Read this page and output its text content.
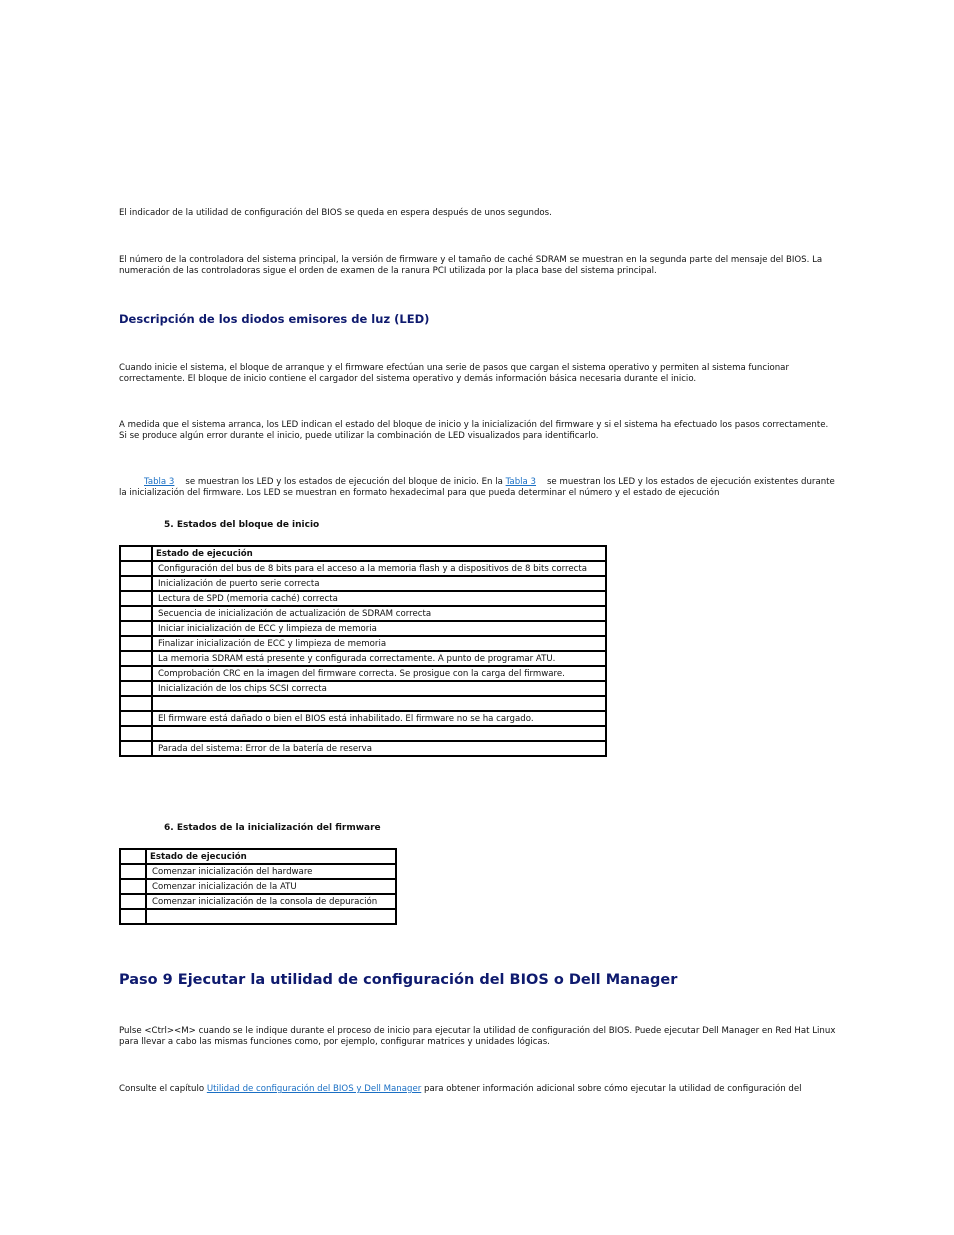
El indicador de la utilidad de configuración del BIOS se queda en espera después de unos segundos.

El número de la controladora del sistema principal, la versión de firmware y el tamaño de caché SDRAM se muestran en la segunda parte del mensaje del BIOS. La numeración de las controladoras sigue el orden de examen de la ranura PCI utilizada por la placa base del sistema principal.

Descripción de los diodos emisores de luz (LED)

Cuando inicie el sistema, el bloque de arranque y el firmware efectúan una serie de pasos que cargan el sistema operativo y permiten al sistema funcionar correctamente. El bloque de inicio contiene el cargador del sistema operativo y demás información básica necesaria durante el inicio.

A medida que el sistema arranca, los LED indican el estado del bloque de inicio y la inicialización del firmware y si el sistema ha efectuado los pasos correctamente. Si se produce algún error durante el inicio, puede utilizar la combinación de LED visualizados para identificarlo.

Tabla 3 se muestran los LED y los estados de ejecución del bloque de inicio. En la Tabla 3 se muestran los LED y los estados de ejecución existentes durante la inicialización del firmware. Los LED se muestran en formato hexadecimal para que pueda determinar el número y el estado de ejecución

5. Estados del bloque de inicio

	Estado de ejecución
	Configuración del bus de 8 bits para el acceso a la memoria flash y a dispositivos de 8 bits correcta
	Inicialización de puerto serie correcta
	Lectura de SPD (memoria caché) correcta
	Secuencia de inicialización de actualización de SDRAM correcta
	Iniciar inicialización de ECC y limpieza de memoria
	Finalizar inicialización de ECC y limpieza de memoria
	La memoria SDRAM está presente y configurada correctamente. A punto de programar ATU.
	Comprobación CRC en la imagen del firmware correcta. Se prosigue con la carga del firmware.
	Inicialización de los chips SCSI correcta

	El firmware está dañado o bien el BIOS está inhabilitado. El firmware no se ha cargado.

	Parada del sistema: Error de la batería de reserva

6. Estados de la inicialización del firmware

	Estado de ejecución
	Comenzar inicialización del hardware
	Comenzar inicialización de la ATU
	Comenzar inicialización de la consola de depuración

Paso 9 Ejecutar la utilidad de configuración del BIOS o Dell Manager

Pulse <Ctrl><M> cuando se le indique durante el proceso de inicio para ejecutar la utilidad de configuración del BIOS. Puede ejecutar Dell Manager en Red Hat Linux para llevar a cabo las mismas funciones como, por ejemplo, configurar matrices y unidades lógicas.

Consulte el capítulo Utilidad de configuración del BIOS y Dell Manager para obtener información adicional sobre cómo ejecutar la utilidad de configuración del
